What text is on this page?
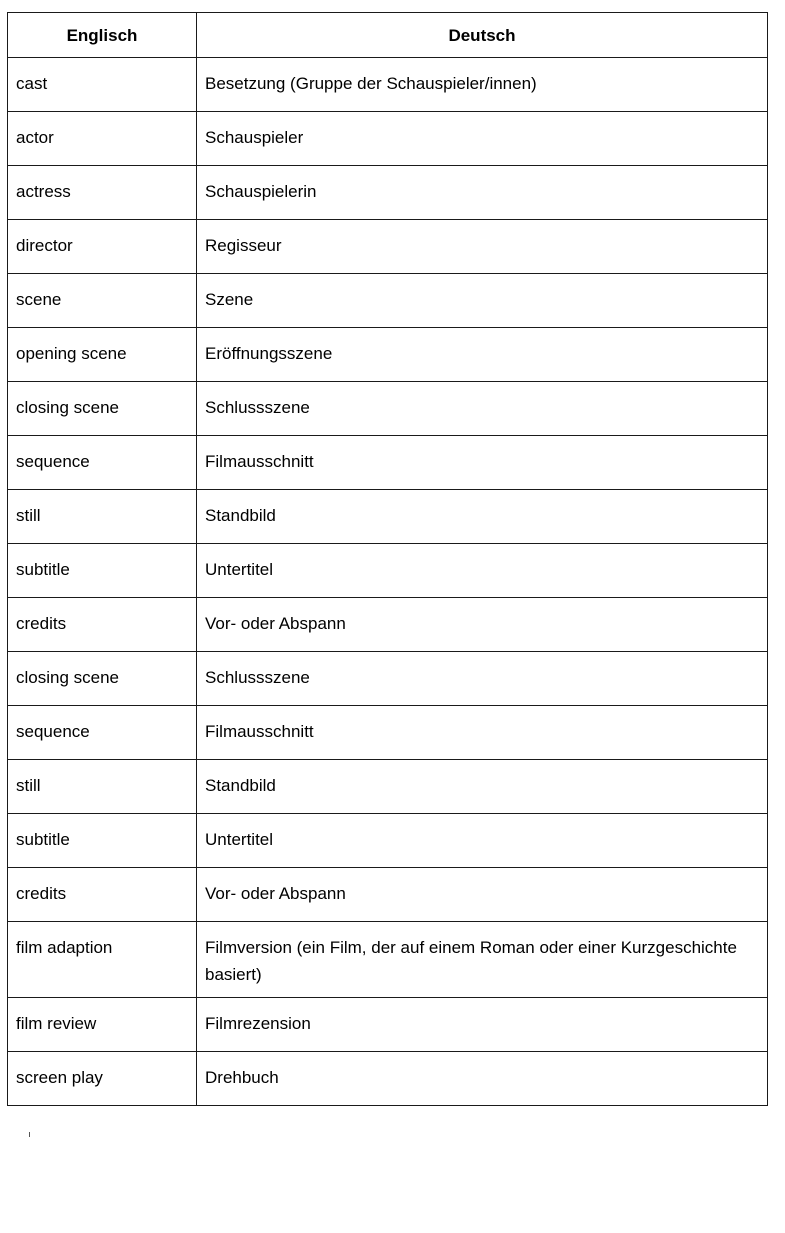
Englisch	Deutsch
cast	Besetzung (Gruppe der Schauspieler/innen)
actor	Schauspieler
actress	Schauspielerin
director	Regisseur
scene	Szene
opening scene	Eröffnungsszene
closing scene	Schlussszene
sequence	Filmausschnitt
still	Standbild
subtitle	Untertitel
credits	Vor- oder Abspann
closing scene	Schlussszene
sequence	Filmausschnitt
still	Standbild
subtitle	Untertitel
credits	Vor- oder Abspann
film adaption	Filmversion (ein Film, der auf einem Roman oder einer Kurzgeschichte basiert)
film review	Filmrezension
screen play	Drehbuch
